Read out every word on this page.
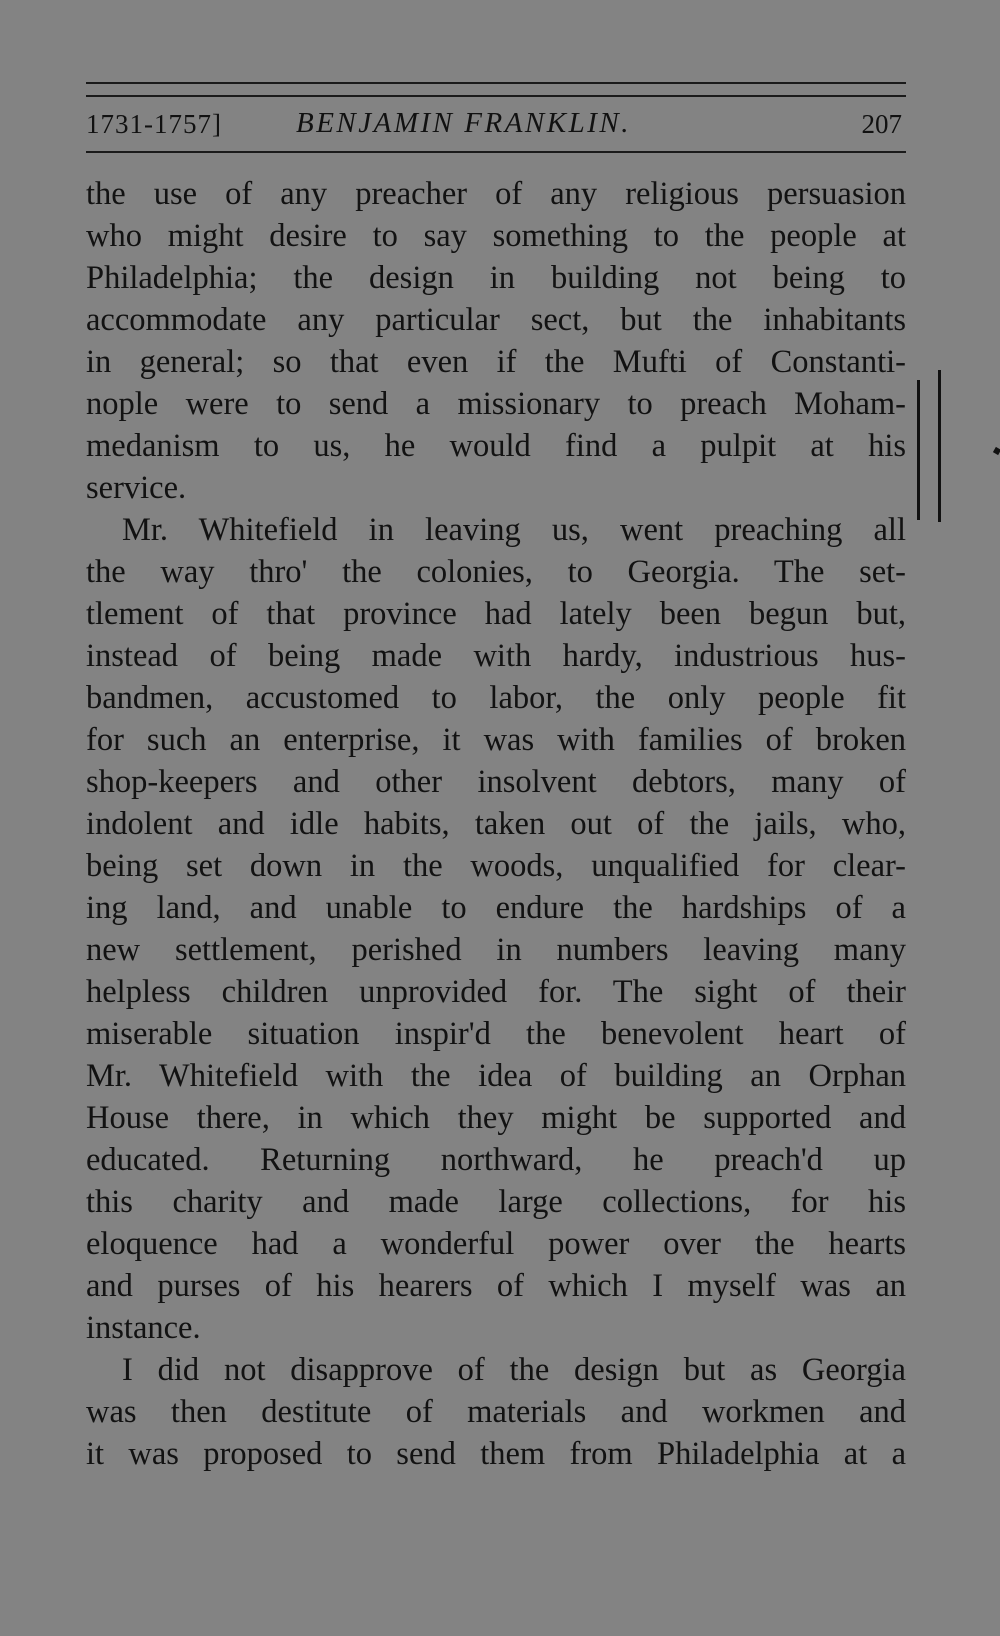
1731-1757]	BENJAMIN FRANKLIN.	207
the use of any preacher of any religious persuasion
who might desire to say something to the people at
Philadelphia; the design in building not being to
accommodate any particular sect, but the inhabitants
in general; so that even if the Mufti of Constanti-
nople were to send a missionary to preach Moham-
medanism to us, he would find a pulpit at his
service.
Mr. Whitefield in leaving us, went preaching all
the way thro' the colonies, to Georgia. The set-
tlement of that province had lately been begun but,
instead of being made with hardy, industrious hus-
bandmen, accustomed to labor, the only people fit
for such an enterprise, it was with families of broken
shop-keepers and other insolvent debtors, many of
indolent and idle habits, taken out of the jails, who,
being set down in the woods, unqualified for clear-
ing land, and unable to endure the hardships of a
new settlement, perished in numbers leaving many
helpless children unprovided for. The sight of their
miserable situation inspir'd the benevolent heart of
Mr. Whitefield with the idea of building an Orphan
House there, in which they might be supported and
educated. Returning northward, he preach'd up
this charity and made large collections, for his
eloquence had a wonderful power over the hearts
and purses of his hearers of which I myself was an
instance.
I did not disapprove of the design but as Georgia
was then destitute of materials and workmen and
it was proposed to send them from Philadelphia at a
